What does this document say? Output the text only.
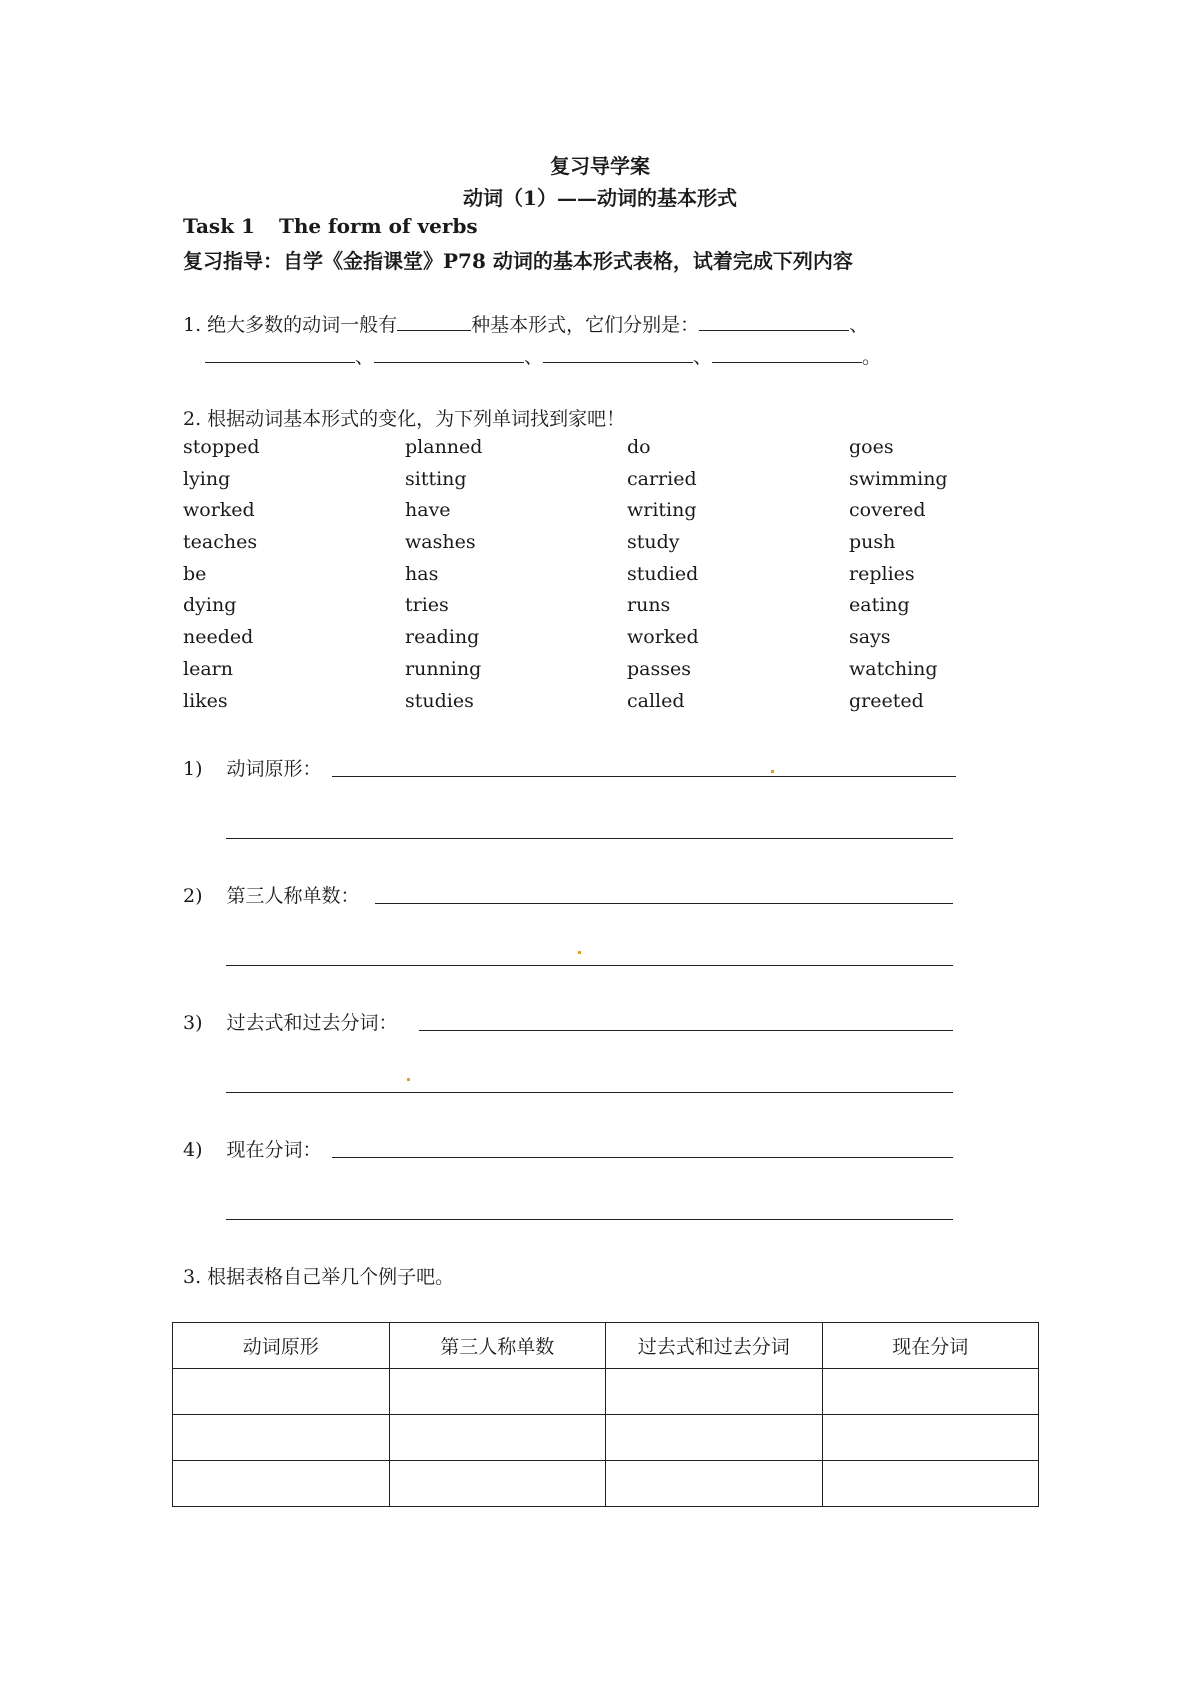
复习导学案
动词（1）——动词的基本形式
Task 1 The form of verbs
复习指导：自学《金指课堂》P78 动词的基本形式表格，试着完成下列内容
1. 绝大多数的动词一般有	种基本形式，它们分别是：	、
、	、	、	。
2. 根据动词基本形式的变化，为下列单词找到家吧！
stopped	planned	do	goes
lying	sitting	carried	swimming
worked	have	writing	covered
teaches	washes	study	push
be	has	studied	replies
dying	tries	runs	eating
needed	reading	worked	says
learn	running	passes	watching
likes	studies	called	greeted
1) 动词原形：
2) 第三人称单数：
3) 过去式和过去分词：
4) 现在分词：
3. 根据表格自己举几个例子吧。
动词原形	第三人称单数	过去式和过去分词	现在分词
